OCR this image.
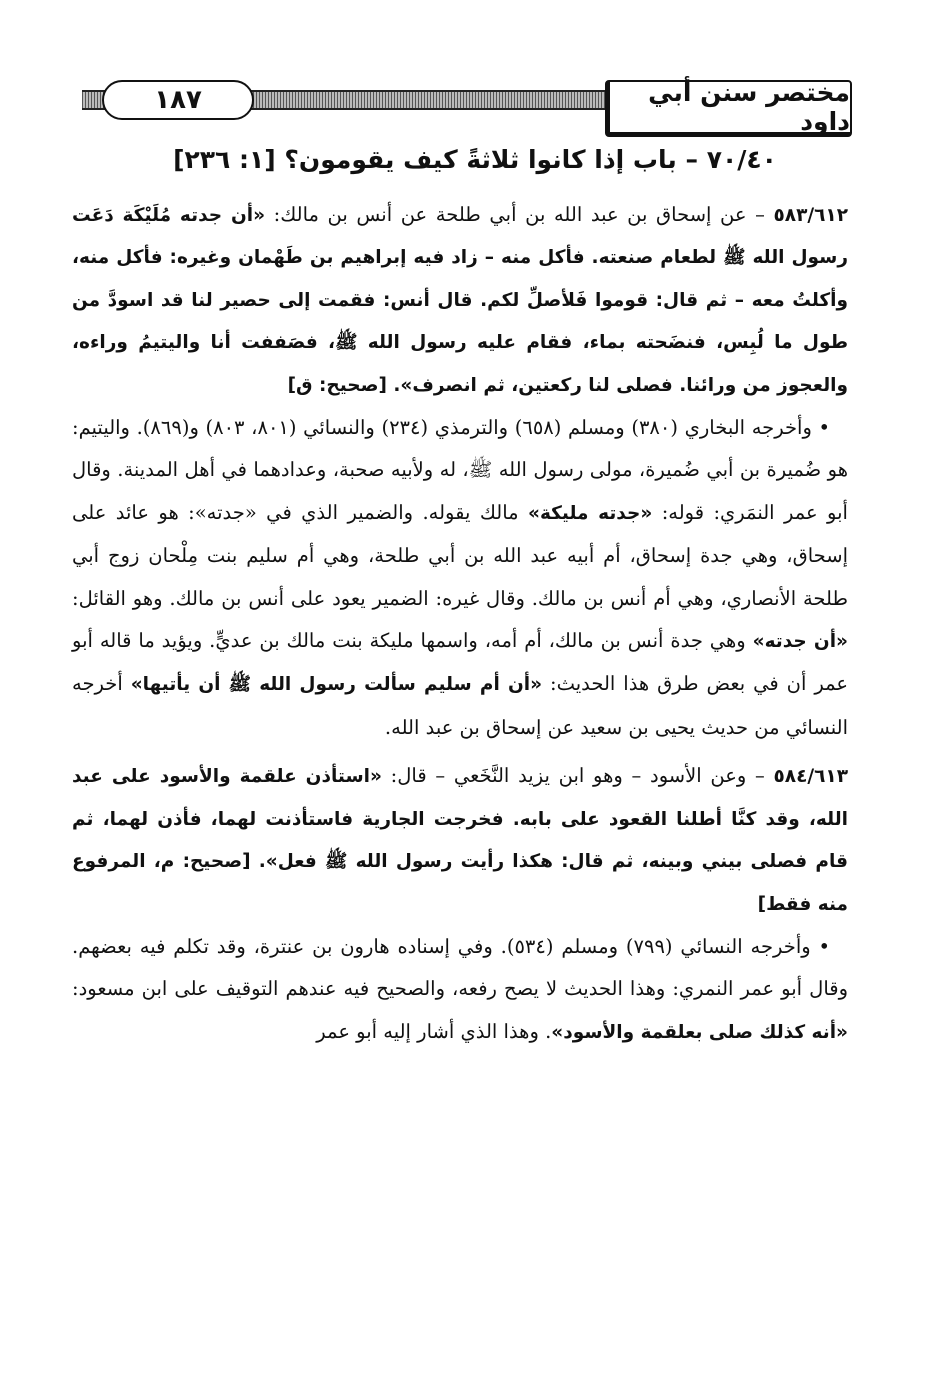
١٨٧	مختصر سنن أبي داود
٧٠/٤٠ – باب إذا كانوا ثلاثةً كيف يقومون؟ [١: ٢٣٦]

٥٨٣/٦١٢ – عن إسحاق بن عبد الله بن أبي طلحة عن أنس بن مالك: «أن جدته مُلَيْكَة دَعَت رسول الله ﷺ لطعام صنعته. فأكل منه – زاد فيه إبراهيم بن طَهْمان وغيره: فأكل منه، وأكلتُ معه – ثم قال: قوموا فَلأصلِّ لكم. قال أنس: فقمت إلى حصير لنا قد اسودَّ من طول ما لُبِس، فنضَحته بماء، فقام عليه رسول الله ﷺ، فصَففت أنا واليتيمُ وراءه، والعجوز من ورائنا. فصلى لنا ركعتين، ثم انصرف». [صحيح: ق]

• وأخرجه البخاري (٣٨٠) ومسلم (٦٥٨) والترمذي (٢٣٤) والنسائي (٨٠١، ٨٠٣) و(٨٦٩). واليتيم: هو ضُميرة بن أبي ضُميرة، مولى رسول الله ﷺ، له ولأبيه صحبة، وعدادهما في أهل المدينة. وقال أبو عمر النمَري: قوله: «جدته مليكة» مالك يقوله. والضمير الذي في «جدته»: هو عائد على إسحاق، وهي جدة إسحاق، أم أبيه عبد الله بن أبي طلحة، وهي أم سليم بنت مِلْحان زوج أبي طلحة الأنصاري، وهي أم أنس بن مالك. وقال غيره: الضمير يعود على أنس بن مالك. وهو القائل: «أن جدته» وهي جدة أنس بن مالك، أم أمه، واسمها مليكة بنت مالك بن عديٍّ. ويؤيد ما قاله أبو عمر أن في بعض طرق هذا الحديث: «أن أم سليم سألت رسول الله ﷺ أن يأتيها» أخرجه النسائي من حديث يحيى بن سعيد عن إسحاق بن عبد الله.

٥٨٤/٦١٣ – وعن الأسود – وهو ابن يزيد النَّخَعي – قال: «استأذن علقمة والأسود على عبد الله، وقد كنَّا أطلنا القعود على بابه. فخرجت الجارية فاستأذنت لهما، فأذن لهما، ثم قام فصلى بيني وبينه، ثم قال: هكذا رأيت رسول الله ﷺ فعل». [صحيح: م، المرفوع منه فقط]

• وأخرجه النسائي (٧٩٩) ومسلم (٥٣٤). وفي إسناده هارون بن عنترة، وقد تكلم فيه بعضهم. وقال أبو عمر النمري: وهذا الحديث لا يصح رفعه، والصحيح فيه عندهم التوقيف على ابن مسعود: «أنه كذلك صلى بعلقمة والأسود». وهذا الذي أشار إليه أبو عمر
